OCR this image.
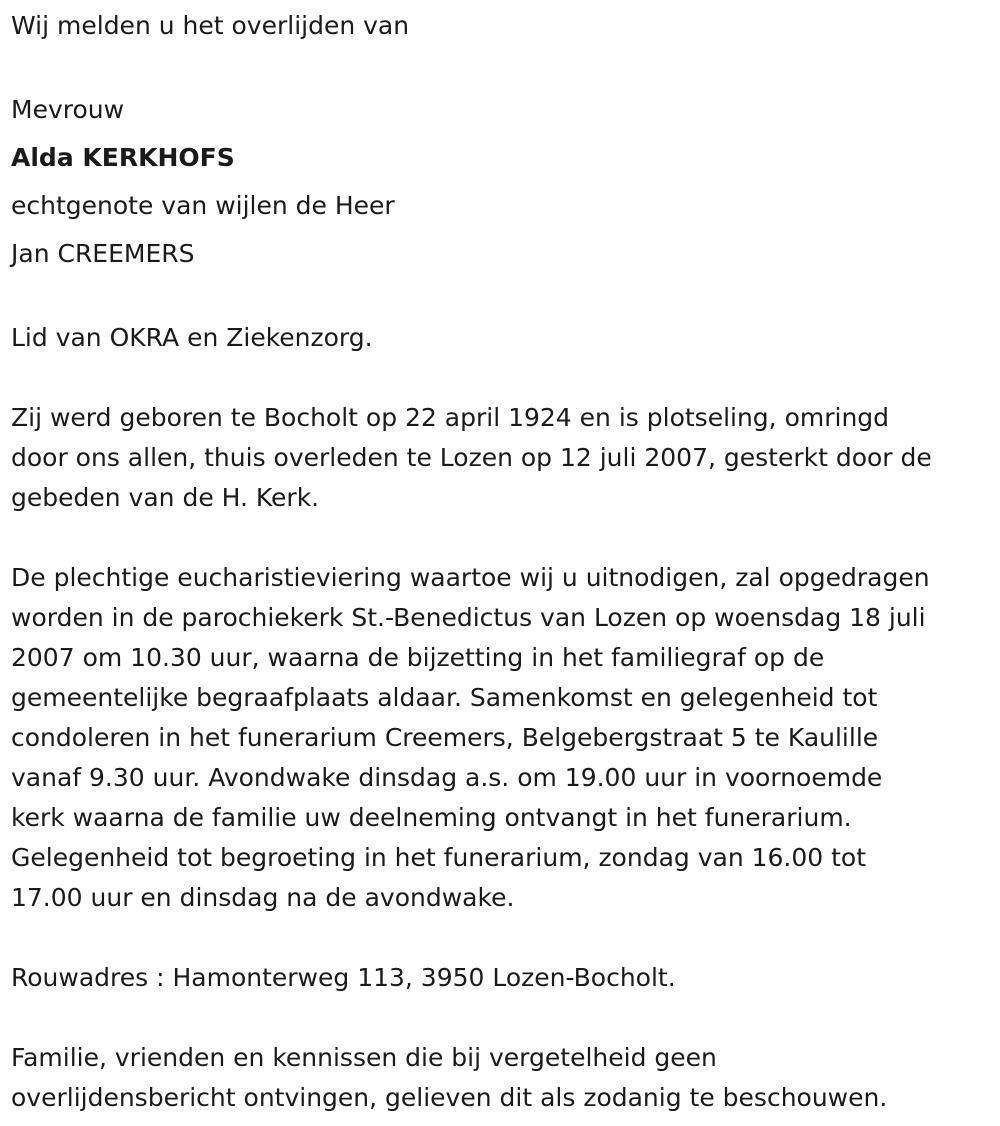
Wij melden u het overlijden van
Mevrouw
Alda KERKHOFS
echtgenote van wijlen de Heer
Jan CREEMERS
Lid van OKRA en Ziekenzorg.
Zij werd geboren te Bocholt op 22 april 1924 en is plotseling, omringd
door ons allen, thuis overleden te Lozen op 12 juli 2007, gesterkt door de
gebeden van de H. Kerk.
De plechtige eucharistieviering waartoe wij u uitnodigen, zal opgedragen
worden in de parochiekerk St.-Benedictus van Lozen op woensdag 18 juli
2007 om 10.30 uur, waarna de bijzetting in het familiegraf op de
gemeentelijke begraafplaats aldaar. Samenkomst en gelegenheid tot
condoleren in het funerarium Creemers, Belgebergstraat 5 te Kaulille
vanaf 9.30 uur. Avondwake dinsdag a.s. om 19.00 uur in voornoemde
kerk waarna de familie uw deelneming ontvangt in het funerarium.
Gelegenheid tot begroeting in het funerarium, zondag van 16.00 tot
17.00 uur en dinsdag na de avondwake.
Rouwadres : Hamonterweg 113, 3950 Lozen-Bocholt.
Familie, vrienden en kennissen die bij vergetelheid geen
overlijdensbericht ontvingen, gelieven dit als zodanig te beschouwen.
